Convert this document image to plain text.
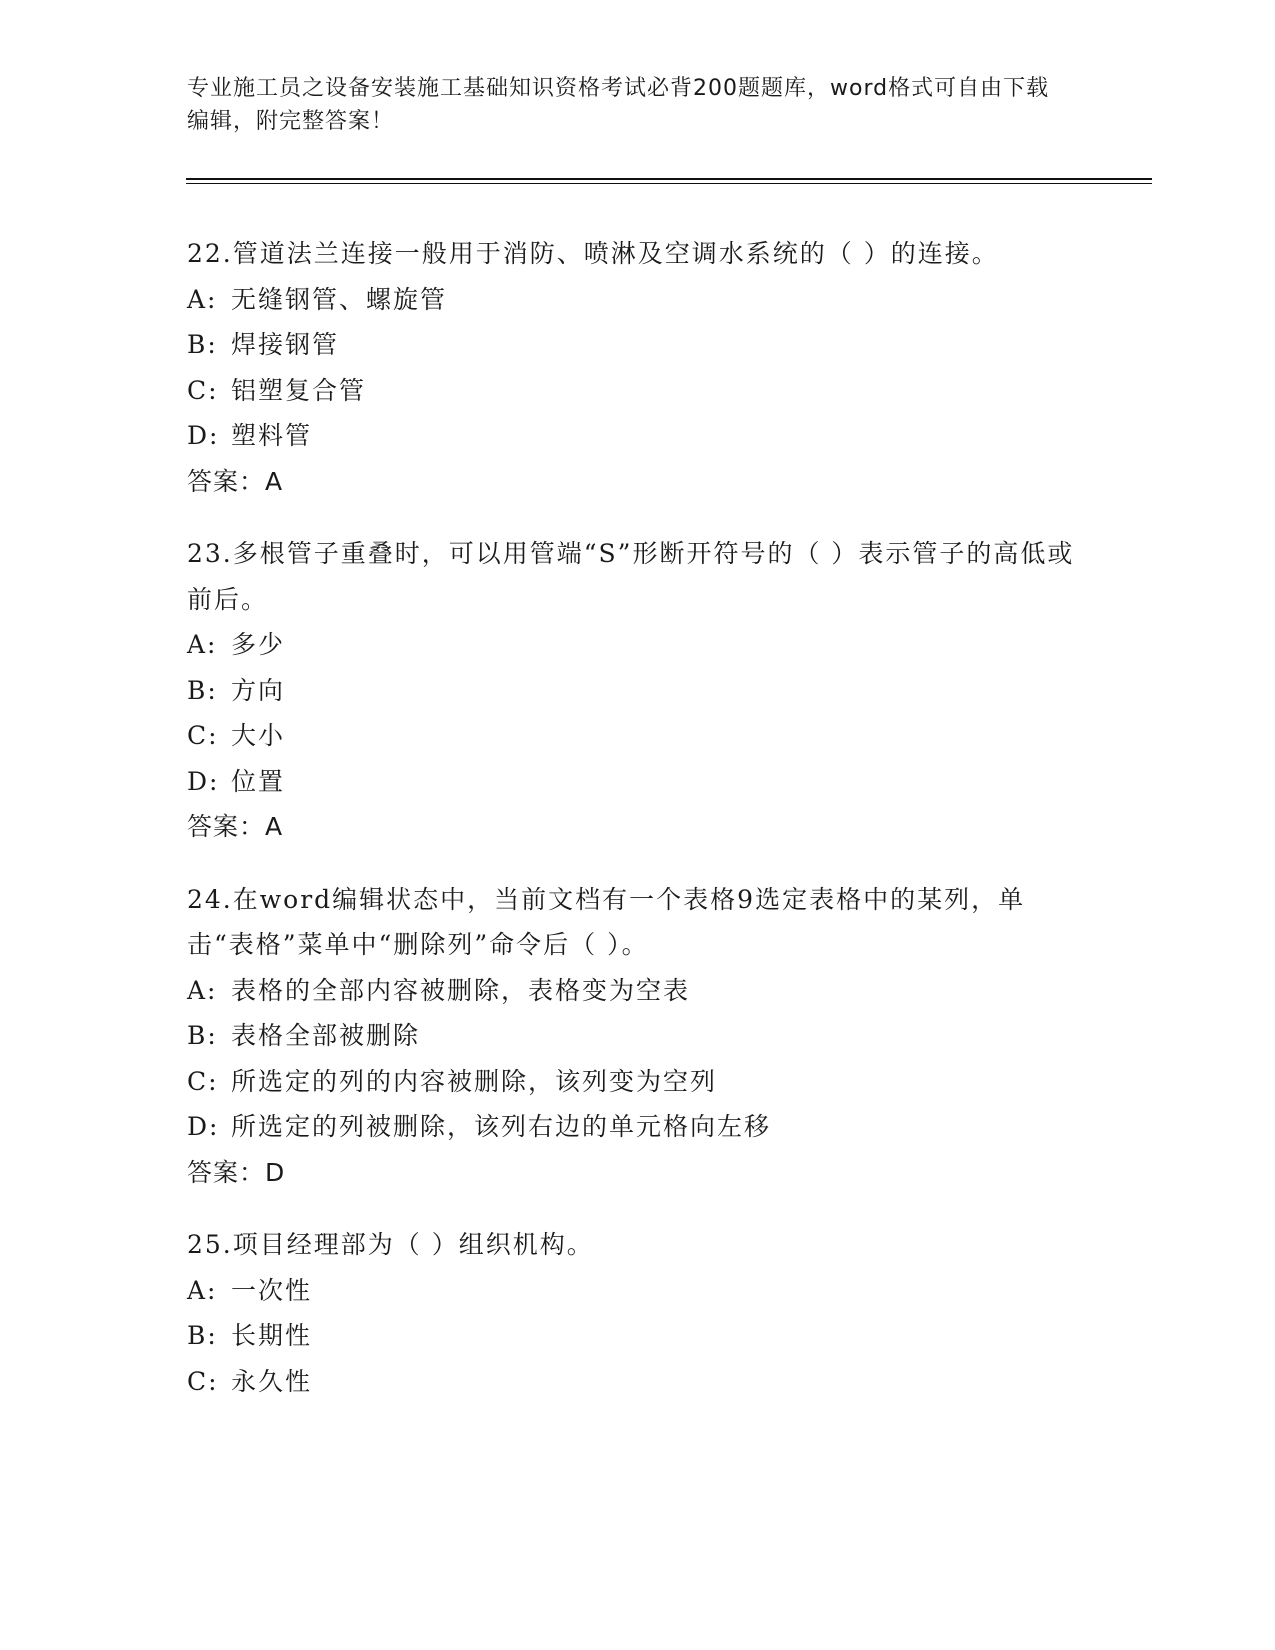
专业施工员之设备安装施工基础知识资格考试必背200题题库，word格式可自由下载编辑，附完整答案！
22.管道法兰连接一般用于消防、喷淋及空调水系统的（ ）的连接。
A: 无缝钢管、螺旋管
B: 焊接钢管
C: 铝塑复合管
D: 塑料管
答案：A
23.多根管子重叠时，可以用管端“S”形断开符号的（ ）表示管子的高低或前后。
A: 多少
B: 方向
C: 大小
D: 位置
答案：A
24.在word编辑状态中，当前文档有一个表格9选定表格中的某列，单击“表格”菜单中“删除列”命令后（ ）。
A: 表格的全部内容被删除，表格变为空表
B: 表格全部被删除
C: 所选定的列的内容被删除，该列变为空列
D: 所选定的列被删除，该列右边的单元格向左移
答案：D
25.项目经理部为（ ）组织机构。
A: 一次性
B: 长期性
C: 永久性
